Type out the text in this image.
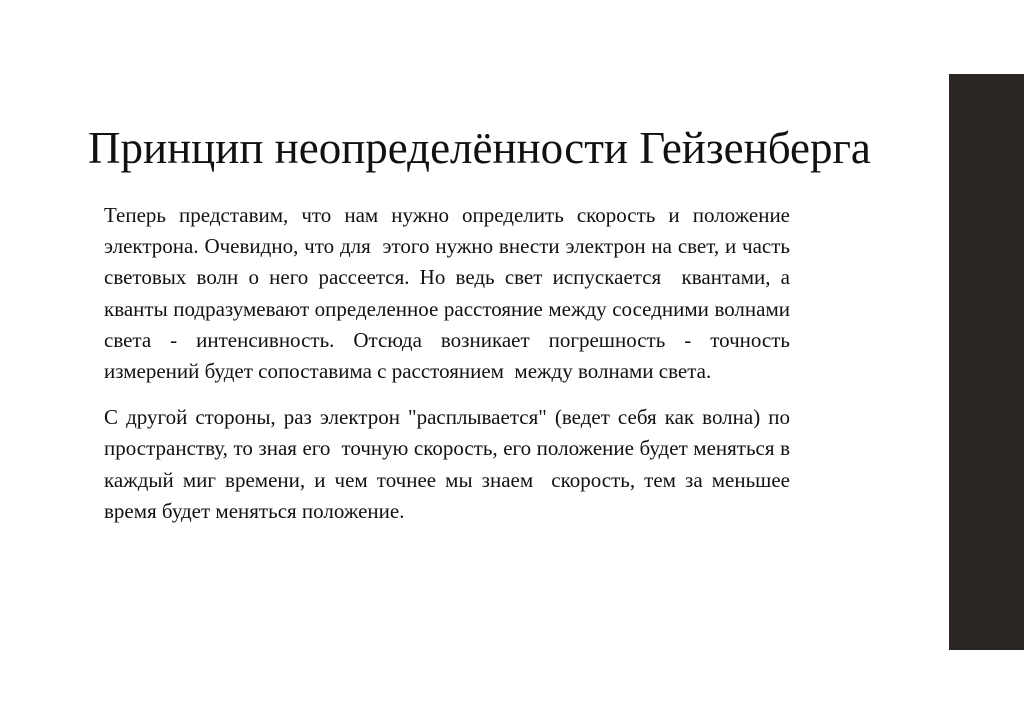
Принцип неопределённости Гейзенберга

Теперь представим, что нам нужно определить скорость и положение электрона. Очевидно, что для  этого нужно внести электрон на свет, и часть световых волн о него рассеется. Но ведь свет испускается  квантами, а кванты подразумевают определенное расстояние между соседними волнами света - интенсивность. Отсюда возникает погрешность - точность измерений будет сопоставима с расстоянием  между волнами света.

С другой стороны, раз электрон "расплывается" (ведет себя как волна) по пространству, то зная его  точную скорость, его положение будет меняться в каждый миг времени, и чем точнее мы знаем  скорость, тем за меньшее время будет меняться положение.
